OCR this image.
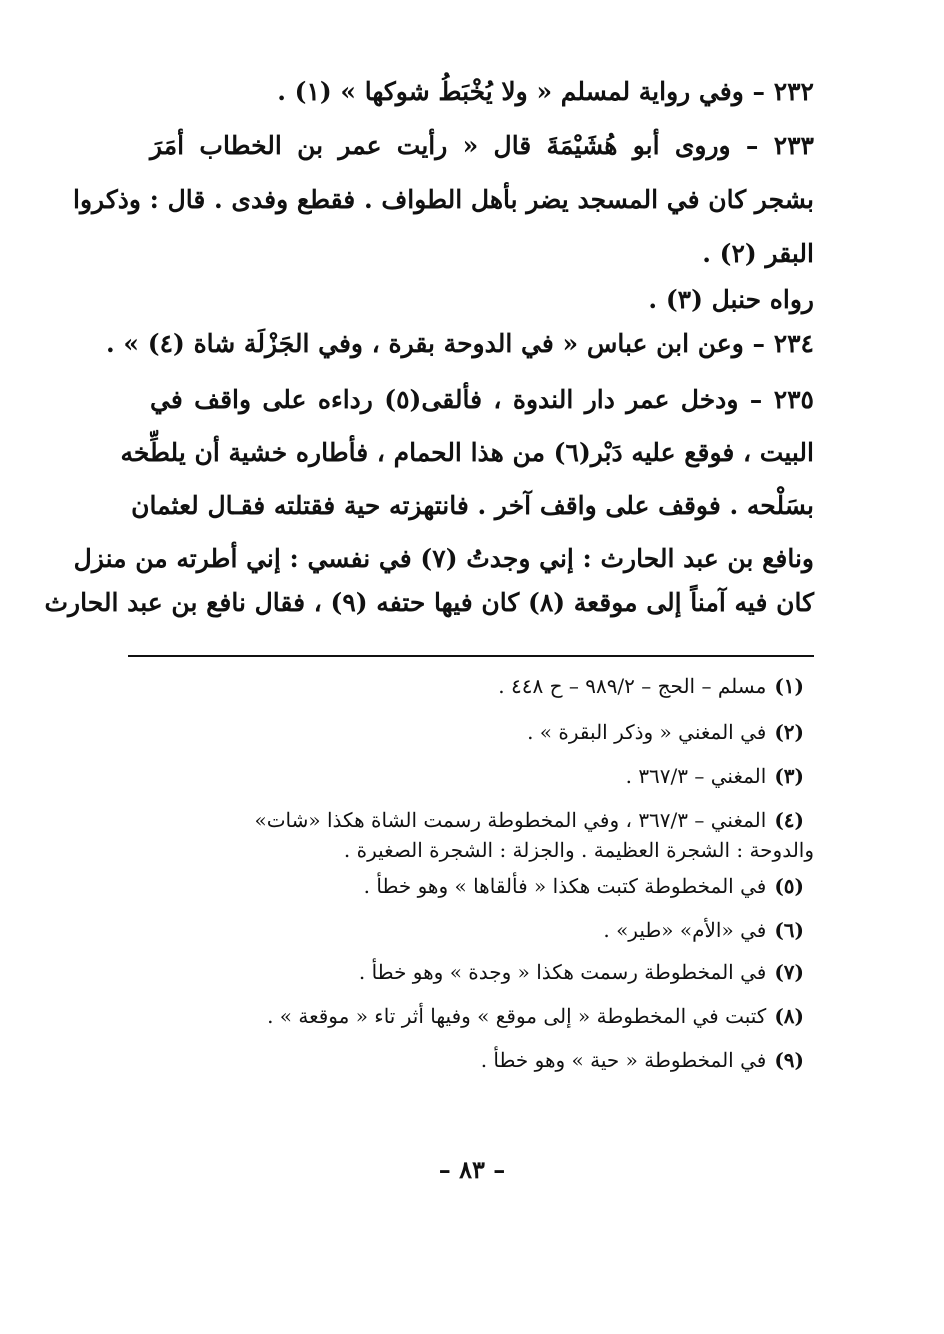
٢٣٢ – وفي رواية لمسلم « ولا يُخْبَطُ شوكها » (١) .
٢٣٣ – وروى أبو هُشَيْمَةَ قال « رأيت عمر بن الخطاب أمَرَ
بشجر كان في المسجد يضر بأهل الطواف . فقطع وفدى . قال : وذكروا
البقر (٢) .
رواه حنبل (٣) .
٢٣٤ – وعن ابن عباس « في الدوحة بقرة ، وفي الجَزْلَة شاة (٤) » .
٢٣٥ – ودخل عمر دار الندوة ، فألقى(٥) رداءه على واقف في
البيت ، فوقع عليه دَبْر(٦) من هذا الحمام ، فأطاره خشية أن يلطِّخه
بسَلْحه . فوقف على واقف آخر . فانتهزته حية فقتلته فقـال لعثمان
ونافع بن عبد الحارث : إني وجدتُ (٧) في نفسي : إني أطرته من منزل
كان فيه آمناً إلى موقعة (٨) كان فيها حتفه (٩) ، فقال نافع بن عبد الحارث
(١)مسلم – الحج – ٩٨٩/٢ – ح ٤٤٨ .
(٢)في المغني « وذكر البقرة » .
(٣)المغني – ٣٦٧/٣ .
(٤)المغني – ٣٦٧/٣ ، وفي المخطوطة رسمت الشاة هكذا «شات»
والدوحة : الشجرة العظيمة . والجزلة : الشجرة الصغيرة .
(٥)في المخطوطة كتبت هكذا « فألقاها » وهو خطأ .
(٦)في «الأم» «طير» .
(٧)في المخطوطة رسمت هكذا « وجدة » وهو خطأ .
(٨)كتبت في المخطوطة « إلى موقع » وفيها أثر تاء « موقعة » .
(٩)في المخطوطة « حية » وهو خطأ .
– ٨٣ –
